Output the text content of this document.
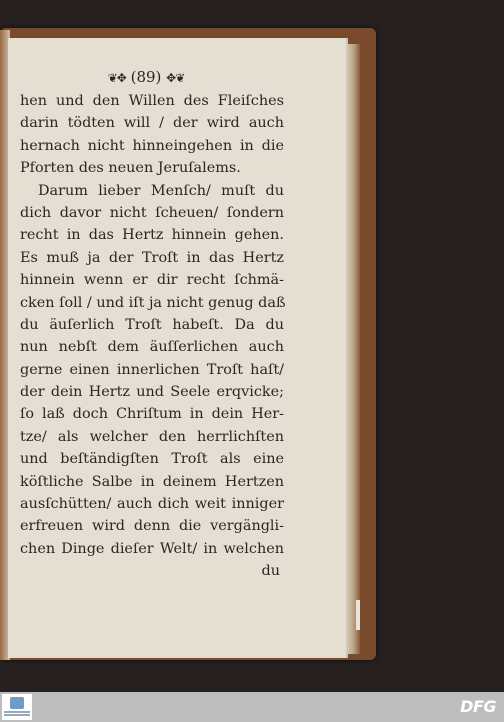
❦✥ (89) ✥❦
hen und den Willen des Fleiſches
darin tödten will / der wird auch
hernach nicht hinneingehen in die
Pforten des neuen Jeruſalems.
Darum lieber Menſch/ muſt du
dich davor nicht ſcheuen/ ſondern
recht in das Hertz hinnein gehen.
Es muß ja der Troſt in das Hertz
hinnein wenn er dir recht ſchmä-
cken ſoll / und iſt ja nicht genug daß
du äuſerlich Troſt habeſt. Da du
nun nebſt dem äuſſerlichen auch
gerne einen innerlichen Troſt haſt/
der dein Hertz und Seele erqvicke;
ſo laß doch Chriſtum in dein Her-
tze/ als welcher den herrlichſten
und beſtändigſten Troſt als eine
köſtliche Salbe in deinem Hertzen
ausſchütten/ auch dich weit inniger
erfreuen wird denn die vergängli-
chen Dinge dieſer Welt/ in welchen
du
DFG
